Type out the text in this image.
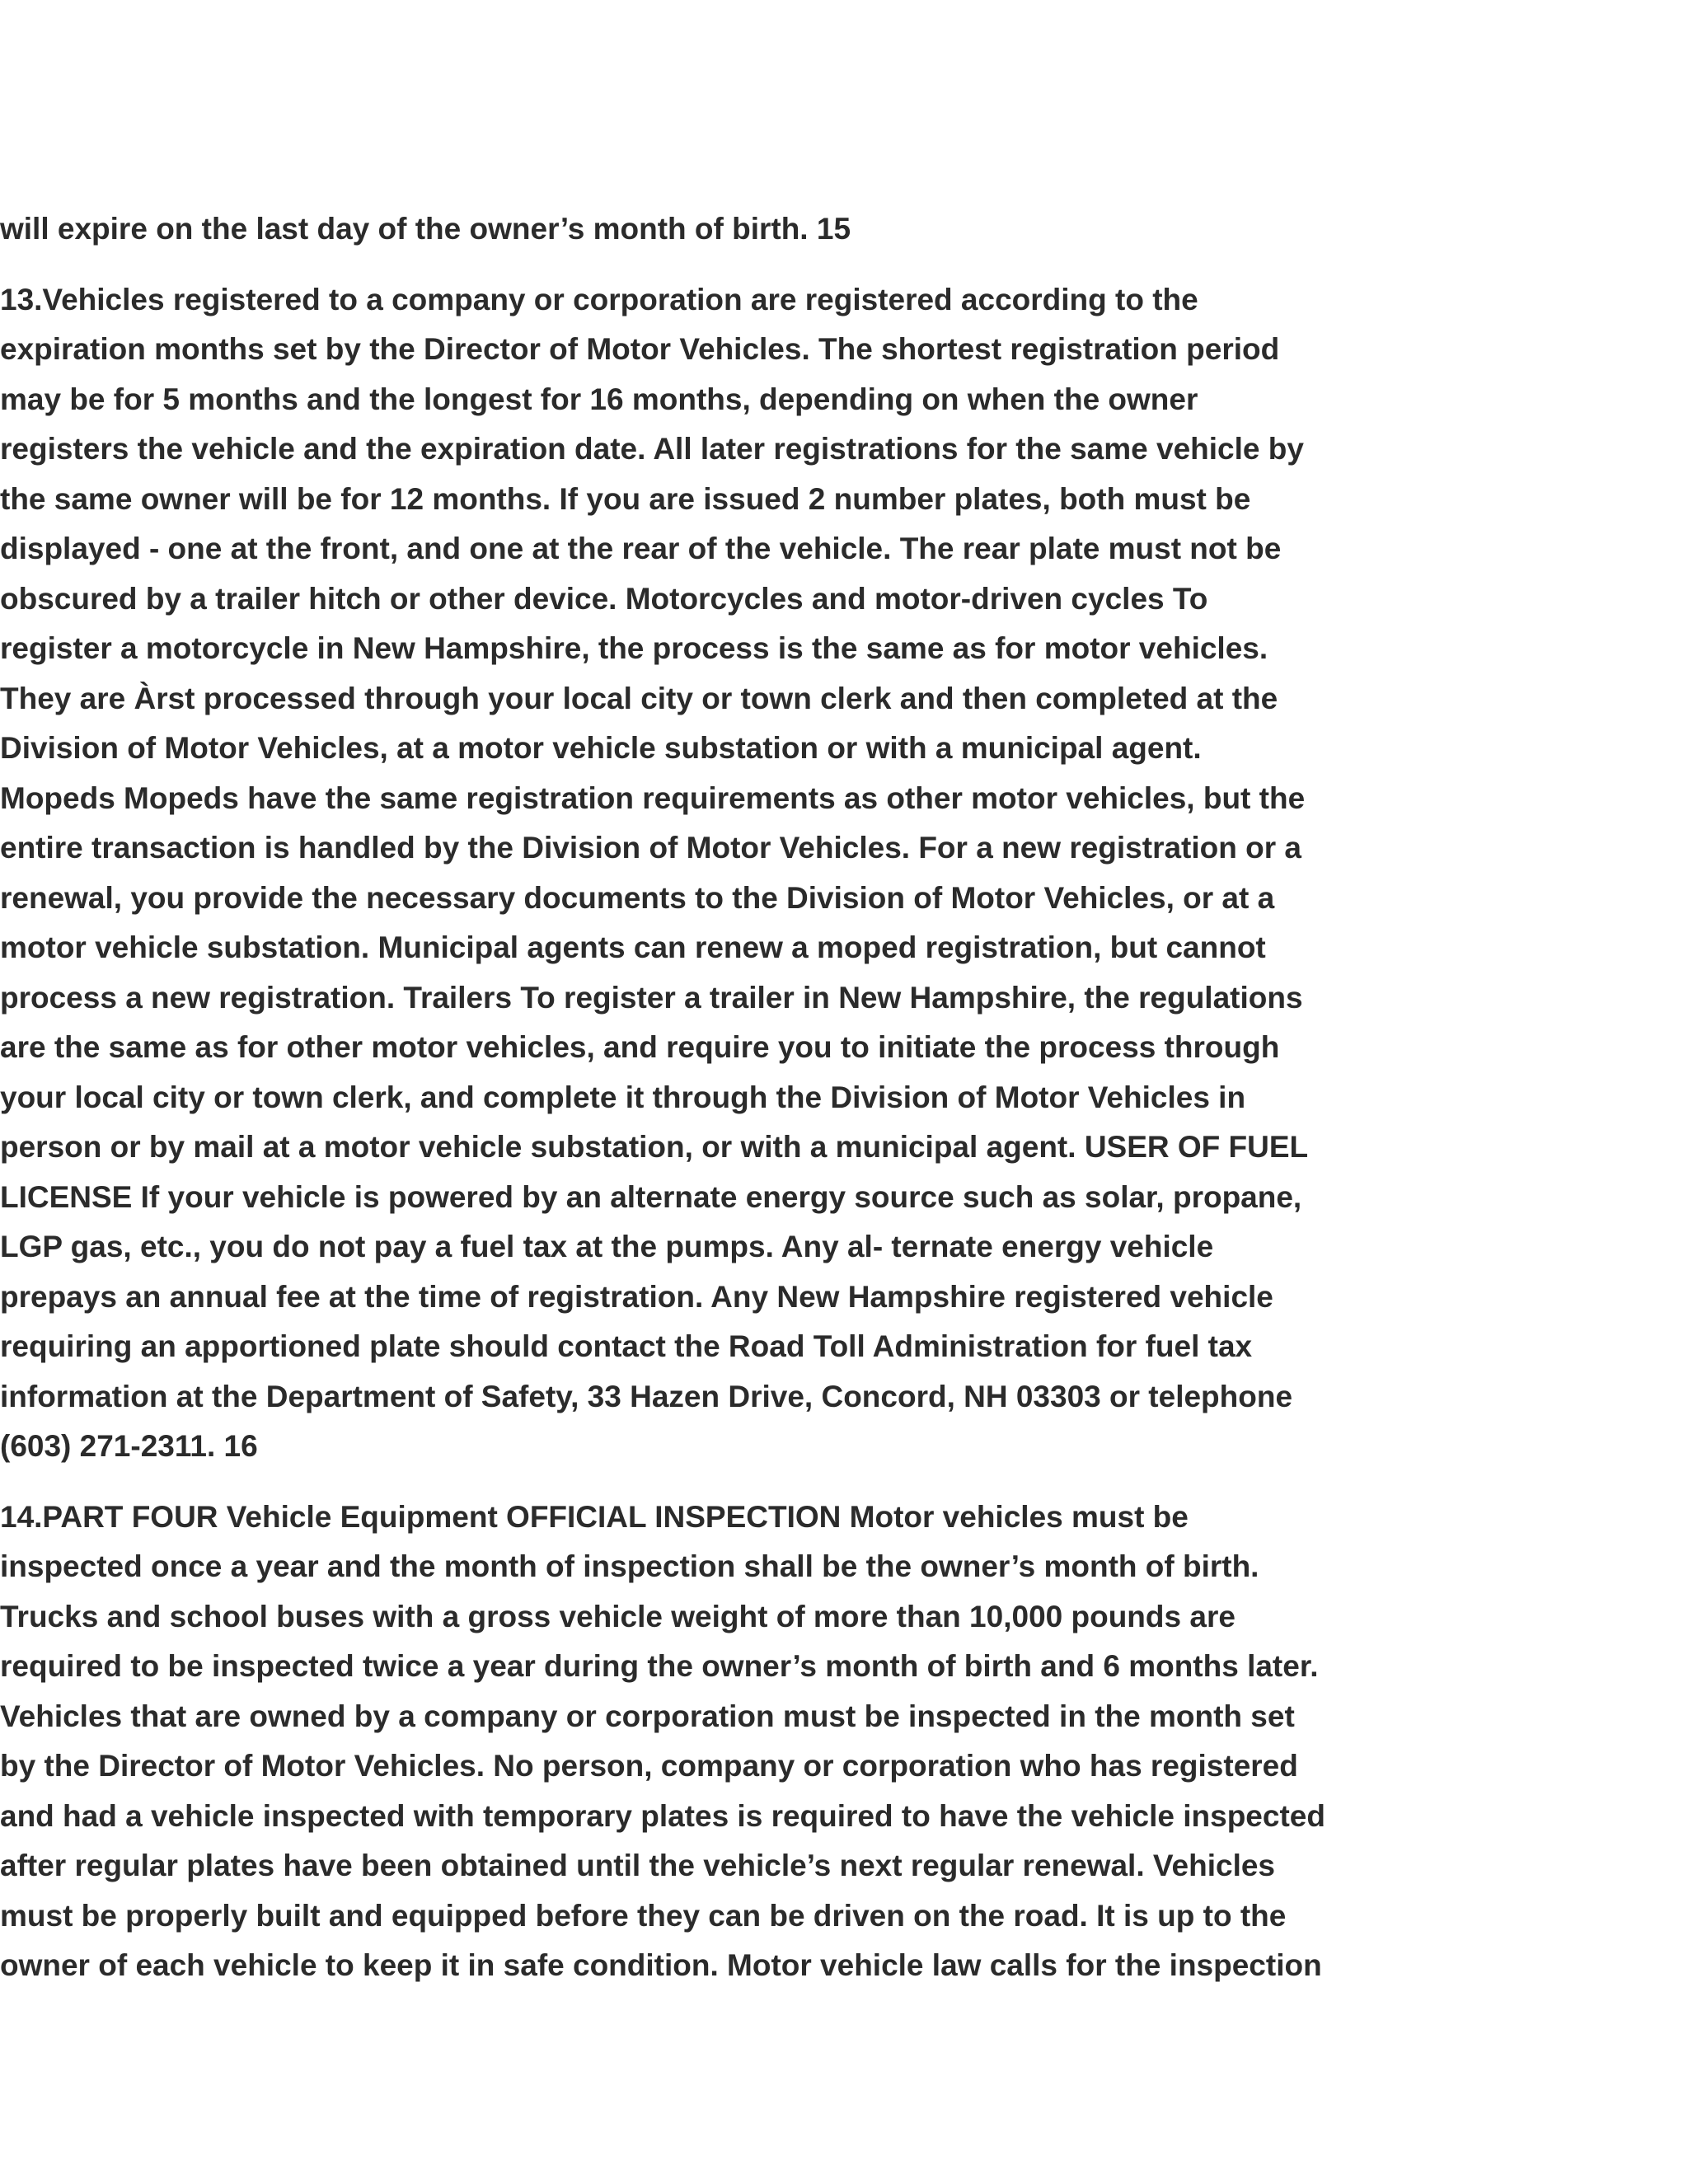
will expire on the last day of the owner’s month of birth. 15

13.Vehicles registered to a company or corporation are registered according to the
expiration months set by the Director of Motor Vehicles. The shortest registration period
may be for 5 months and the longest for 16 months, depending on when the owner
registers the vehicle and the expiration date. All later registrations for the same vehicle by
the same owner will be for 12 months. If you are issued 2 number plates, both must be
displayed - one at the front, and one at the rear of the vehicle. The rear plate must not be
obscured by a trailer hitch or other device. Motorcycles and motor-driven cycles To
register a motorcycle in New Hampshire, the process is the same as for motor vehicles.
They are Àrst processed through your local city or town clerk and then completed at the
Division of Motor Vehicles, at a motor vehicle substation or with a municipal agent.
Mopeds Mopeds have the same registration requirements as other motor vehicles, but the
entire transaction is handled by the Division of Motor Vehicles. For a new registration or a
renewal, you provide the necessary documents to the Division of Motor Vehicles, or at a
motor vehicle substation. Municipal agents can renew a moped registration, but cannot
process a new registration. Trailers To register a trailer in New Hampshire, the regulations
are the same as for other motor vehicles, and require you to initiate the process through
your local city or town clerk, and complete it through the Division of Motor Vehicles in
person or by mail at a motor vehicle substation, or with a municipal agent. USER OF FUEL
LICENSE If your vehicle is powered by an alternate energy source such as solar, propane,
LGP gas, etc., you do not pay a fuel tax at the pumps. Any al- ternate energy vehicle
prepays an annual fee at the time of registration. Any New Hampshire registered vehicle
requiring an apportioned plate should contact the Road Toll Administration for fuel tax
information at the Department of Safety, 33 Hazen Drive, Concord, NH 03303 or telephone
(603) 271-2311. 16

14.PART FOUR Vehicle Equipment OFFICIAL INSPECTION Motor vehicles must be
inspected once a year and the month of inspection shall be the owner’s month of birth.
Trucks and school buses with a gross vehicle weight of more than 10,000 pounds are
required to be inspected twice a year during the owner’s month of birth and 6 months later.
Vehicles that are owned by a company or corporation must be inspected in the month set
by the Director of Motor Vehicles. No person, company or corporation who has registered
and had a vehicle inspected with temporary plates is required to have the vehicle inspected
after regular plates have been obtained until the vehicle’s next regular renewal. Vehicles
must be properly built and equipped before they can be driven on the road. It is up to the
owner of each vehicle to keep it in safe condition. Motor vehicle law calls for the inspection
